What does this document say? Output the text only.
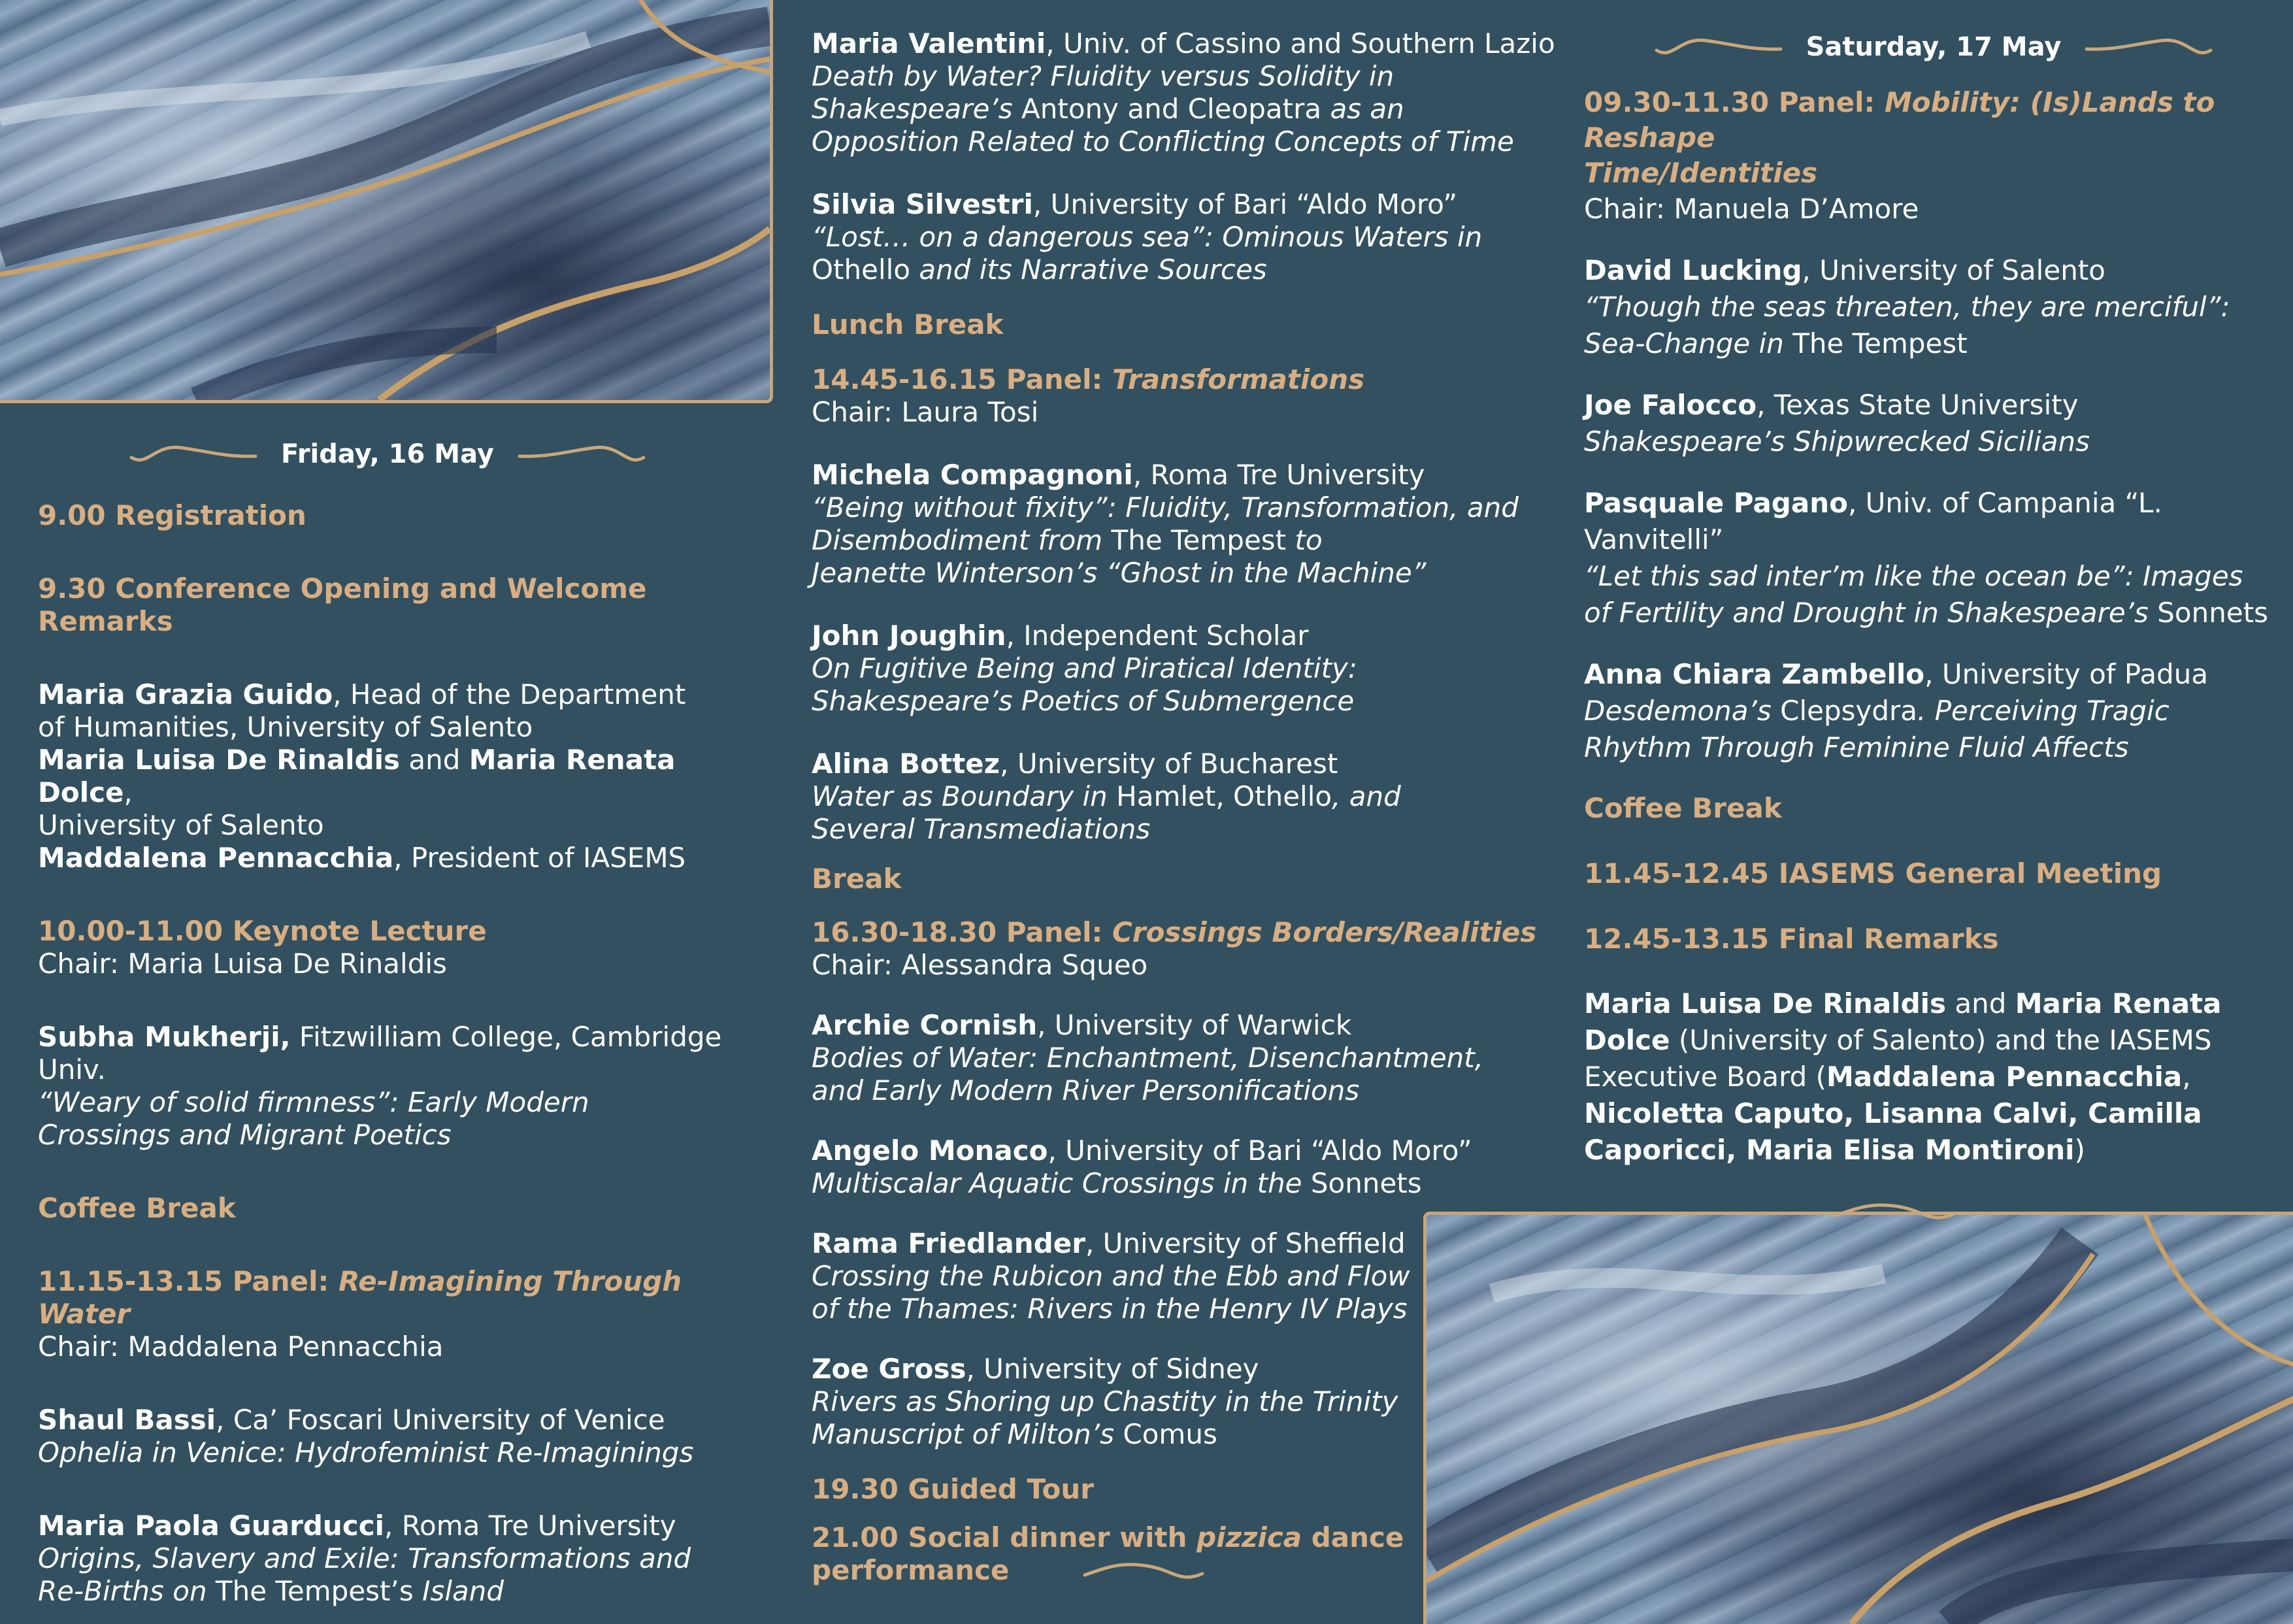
Friday, 16 May

9.00 Registration

9.30 Conference Opening and Welcome Remarks

Maria Grazia Guido, Head of the Department

of Humanities, University of Salento

Maria Luisa De Rinaldis and Maria Renata Dolce,

University of Salento

Maddalena Pennacchia, President of IASEMS

10.00-11.00 Keynote Lecture

Chair: Maria Luisa De Rinaldis

Subha Mukherji, Fitzwilliam College, Cambridge Univ.

“Weary of solid firmness”: Early Modern

Crossings and Migrant Poetics

Coffee Break

11.15-13.15 Panel: Re-Imagining Through Water

Chair: Maddalena Pennacchia

Shaul Bassi, Ca’ Foscari University of Venice

Ophelia in Venice: Hydrofeminist Re-Imaginings

Maria Paola Guarducci, Roma Tre University

Origins, Slavery and Exile: Transformations and

Re-Births on The Tempest’s Island

Maria Valentini, Univ. of Cassino and Southern Lazio

Death by Water? Fluidity versus Solidity in

Shakespeare’s Antony and Cleopatra as an

Opposition Related to Conflicting Concepts of Time

Silvia Silvestri, University of Bari “Aldo Moro”

“Lost… on a dangerous sea”: Ominous Waters in

Othello and its Narrative Sources

Lunch Break

14.45-16.15 Panel: Transformations

Chair: Laura Tosi

Michela Compagnoni, Roma Tre University

“Being without fixity”: Fluidity, Transformation, and

Disembodiment from The Tempest to

Jeanette Winterson’s “Ghost in the Machine”

John Joughin, Independent Scholar

On Fugitive Being and Piratical Identity:

Shakespeare’s Poetics of Submergence

Alina Bottez, University of Bucharest

Water as Boundary in Hamlet, Othello, and

Several Transmediations

Break

16.30-18.30 Panel: Crossings Borders/Realities

Chair: Alessandra Squeo

Archie Cornish, University of Warwick

Bodies of Water: Enchantment, Disenchantment,

and Early Modern River Personifications

Angelo Monaco, University of Bari “Aldo Moro”

Multiscalar Aquatic Crossings in the Sonnets

Rama Friedlander, University of Sheffield

Crossing the Rubicon and the Ebb and Flow

of the Thames: Rivers in the Henry IV Plays

Zoe Gross, University of Sidney

Rivers as Shoring up Chastity in the Trinity

Manuscript of Milton’s Comus

19.30 Guided Tour

21.00 Social dinner with pizzica dance

performance

Saturday, 17 May

09.30-11.30 Panel: Mobility: (Is)Lands to Reshape

Time/Identities

Chair: Manuela D’Amore

David Lucking, University of Salento

“Though the seas threaten, they are merciful”:

Sea-Change in The Tempest

Joe Falocco, Texas State University

Shakespeare’s Shipwrecked Sicilians

Pasquale Pagano, Univ. of Campania “L. Vanvitelli”

“Let this sad inter’m like the ocean be”: Images

of Fertility and Drought in Shakespeare’s Sonnets

Anna Chiara Zambello, University of Padua

Desdemona’s Clepsydra. Perceiving Tragic

Rhythm Through Feminine Fluid Affects

Coffee Break

11.45-12.45 IASEMS General Meeting

12.45-13.15 Final Remarks

Maria Luisa De Rinaldis and Maria Renata

Dolce (University of Salento) and the IASEMS

Executive Board (Maddalena Pennacchia,

Nicoletta Caputo, Lisanna Calvi, Camilla

Caporicci, Maria Elisa Montironi)
